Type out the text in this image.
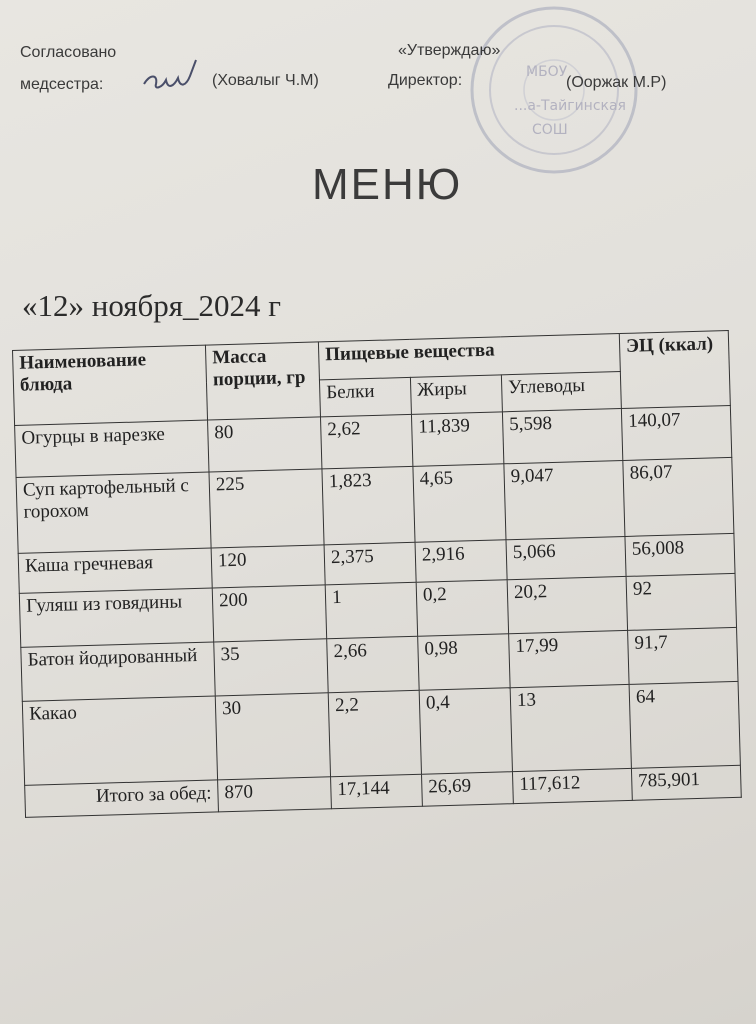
МБОУ
...а-Тайгинская
СОШ
Согласовано
медсестра:	(Ховалыг Ч.М)
«Утверждаю»
Директор:	(Ооржак М.Р)
МЕНЮ
«12» ноября_2024 г
Наименование блюда	Масса порции, гр	Пищевые вещества			ЭЦ (ккал)
		Белки	Жиры	Углеводы	
Огурцы в нарезке	80	2,62	11,839	5,598	140,07
Суп картофельный с горохом	225	1,823	4,65	9,047	86,07
Каша гречневая	120	2,375	2,916	5,066	56,008
Гуляш из говядины	200	1	0,2	20,2	92
Батон йодированный	35	2,66	0,98	17,99	91,7
Какао	30	2,2	0,4	13	64
Итого за обед:	870	17,144	26,69	117,612	785,901
